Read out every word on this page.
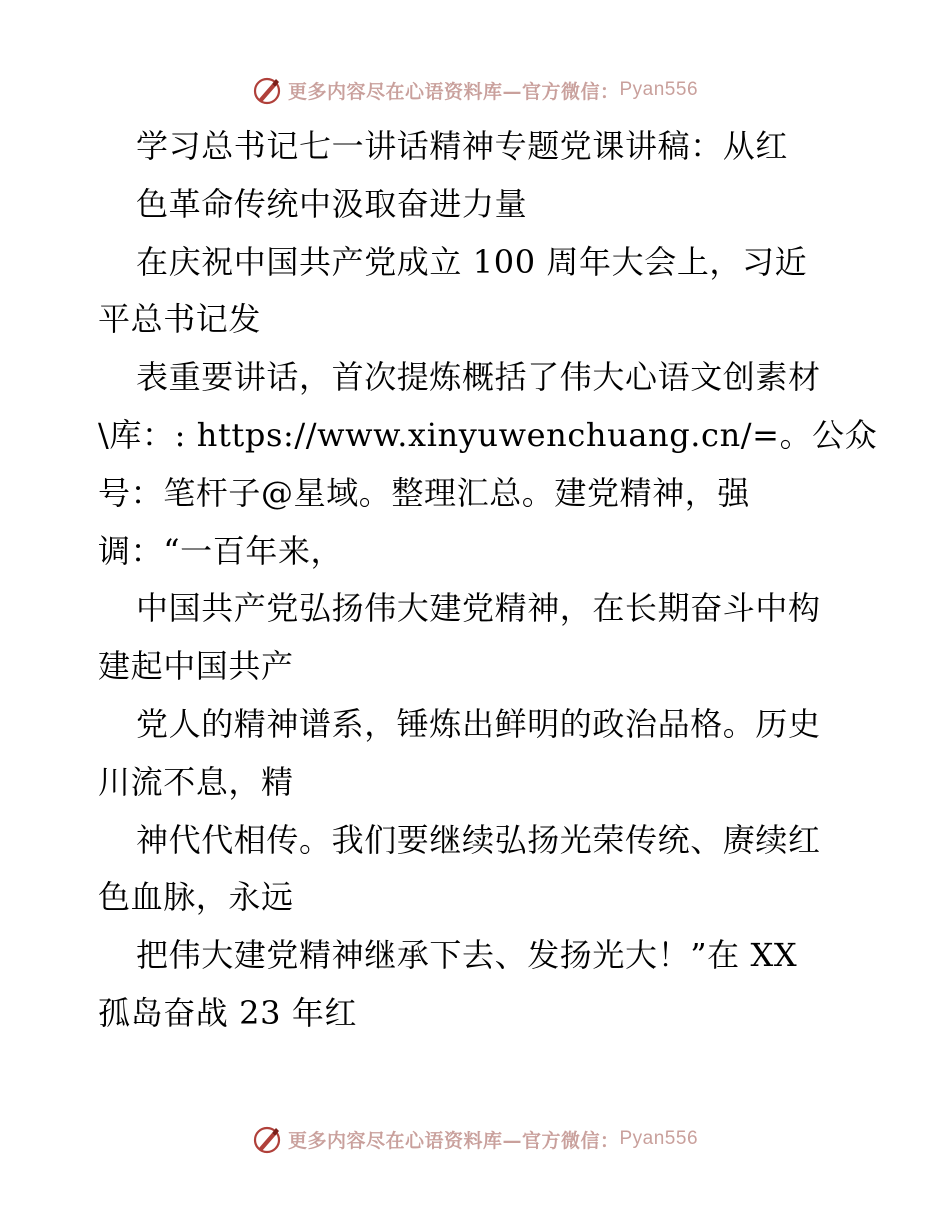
更多内容尽在心语资料库—官方微信： Pyan556
学习总书记七一讲话精神专题党课讲稿：从红
色革命传统中汲取奋进力量
在庆祝中国共产党成立 100 周年大会上，习近
平总书记发
表重要讲话，首次提炼概括了伟大心语文创素材
\库：: https://www.xinyuwenchuang.cn/=。公众
号：笔杆子@星域。整理汇总。建党精神，强
调：“一百年来，
中国共产党弘扬伟大建党精神，在长期奋斗中构
建起中国共产
党人的精神谱系，锤炼出鲜明的政治品格。历史
川流不息，精
神代代相传。我们要继续弘扬光荣传统、赓续红
色血脉，永远
把伟大建党精神继承下去、发扬光大！”在 XX
孤岛奋战 23 年红
更多内容尽在心语资料库—官方微信： Pyan556
